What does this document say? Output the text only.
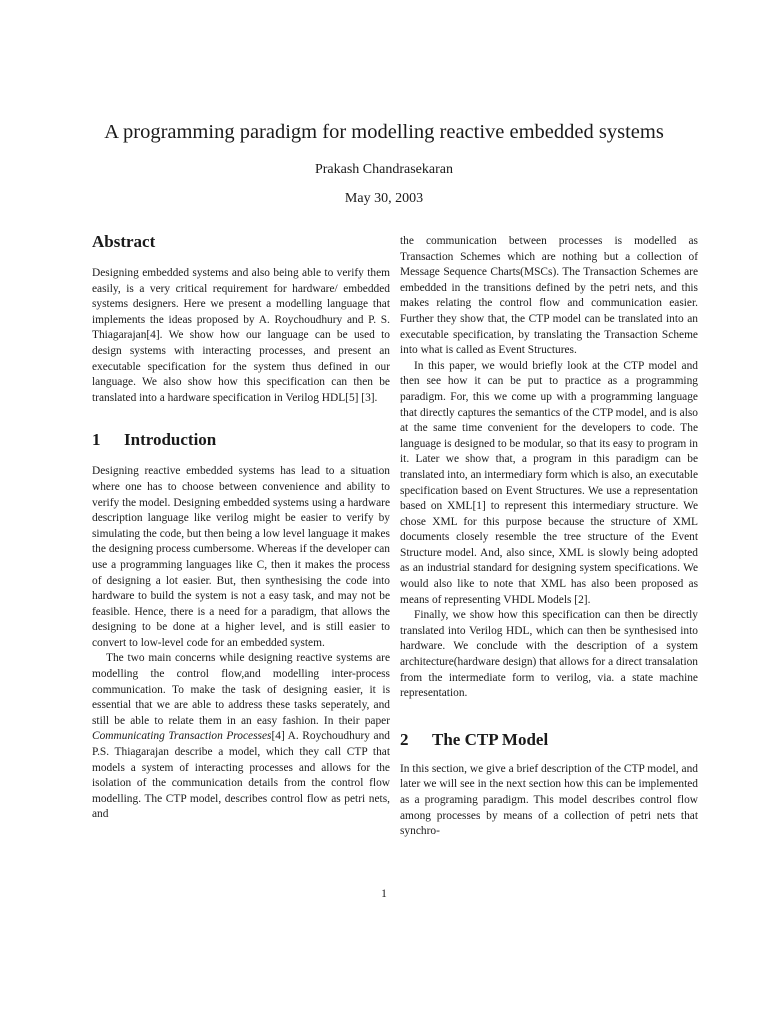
A programming paradigm for modelling reactive embedded systems
Prakash Chandrasekaran
May 30, 2003
Abstract

Designing embedded systems and also being able to verify them easily, is a very critical requirement for hardware/ embedded systems designers. Here we present a modelling language that implements the ideas proposed by A. Roychoudhury and P. S. Thiagarajan[4]. We show how our language can be used to design systems with interacting processes, and present an executable specification for the system thus defined in our language. We also show how this specification can then be translated into a hardware specification in Verilog HDL[5] [3].

1 Introduction

Designing reactive embedded systems has lead to a situation where one has to choose between convenience and ability to verify the model. Designing embedded systems using a hardware description language like verilog might be easier to verify by simulating the code, but then being a low level language it makes the designing process cumbersome. Whereas if the developer can use a programming languages like C, then it makes the process of designing a lot easier. But, then synthesising the code into hardware to build the system is not a easy task, and may not be feasible. Hence, there is a need for a paradigm, that allows the designing to be done at a higher level, and is still easier to convert to low-level code for an embedded system.

The two main concerns while designing reactive systems are modelling the control flow,and modelling inter-process communication. To make the task of designing easier, it is essential that we are able to address these tasks seperately, and still be able to relate them in an easy fashion. In their paper Communicating Transaction Processes[4] A. Roychoudhury and P.S. Thiagarajan describe a model, which they call CTP that models a system of interacting processes and allows for the isolation of the communication details from the control flow modelling. The CTP model, describes control flow as petri nets, and

the communication between processes is modelled as Transaction Schemes which are nothing but a collection of Message Sequence Charts(MSCs). The Transaction Schemes are embedded in the transitions defined by the petri nets, and this makes relating the control flow and communication easier. Further they show that, the CTP model can be translated into an executable specification, by translating the Transaction Scheme into what is called as Event Structures.

In this paper, we would briefly look at the CTP model and then see how it can be put to practice as a programming paradigm. For, this we come up with a programming language that directly captures the semantics of the CTP model, and is also at the same time convenient for the developers to code. The language is designed to be modular, so that its easy to program in it. Later we show that, a program in this paradigm can be translated into, an intermediary form which is also, an executable specification based on Event Structures. We use a representation based on XML[1] to represent this intermediary structure. We chose XML for this purpose because the structure of XML documents closely resemble the tree structure of the Event Structure model. And, also since, XML is slowly being adopted as an industrial standard for designing system specifications. We would also like to note that XML has also been proposed as means of representing VHDL Models [2].

Finally, we show how this specification can then be directly translated into Verilog HDL, which can then be synthesised into hardware. We conclude with the description of a system architecture(hardware design) that allows for a direct transalation from the intermediate form to verilog, via. a state machine representation.

2 The CTP Model

In this section, we give a brief description of the CTP model, and later we will see in the next section how this can be implemented as a programing paradigm. This model describes control flow among processes by means of a collection of petri nets that synchro-

1
